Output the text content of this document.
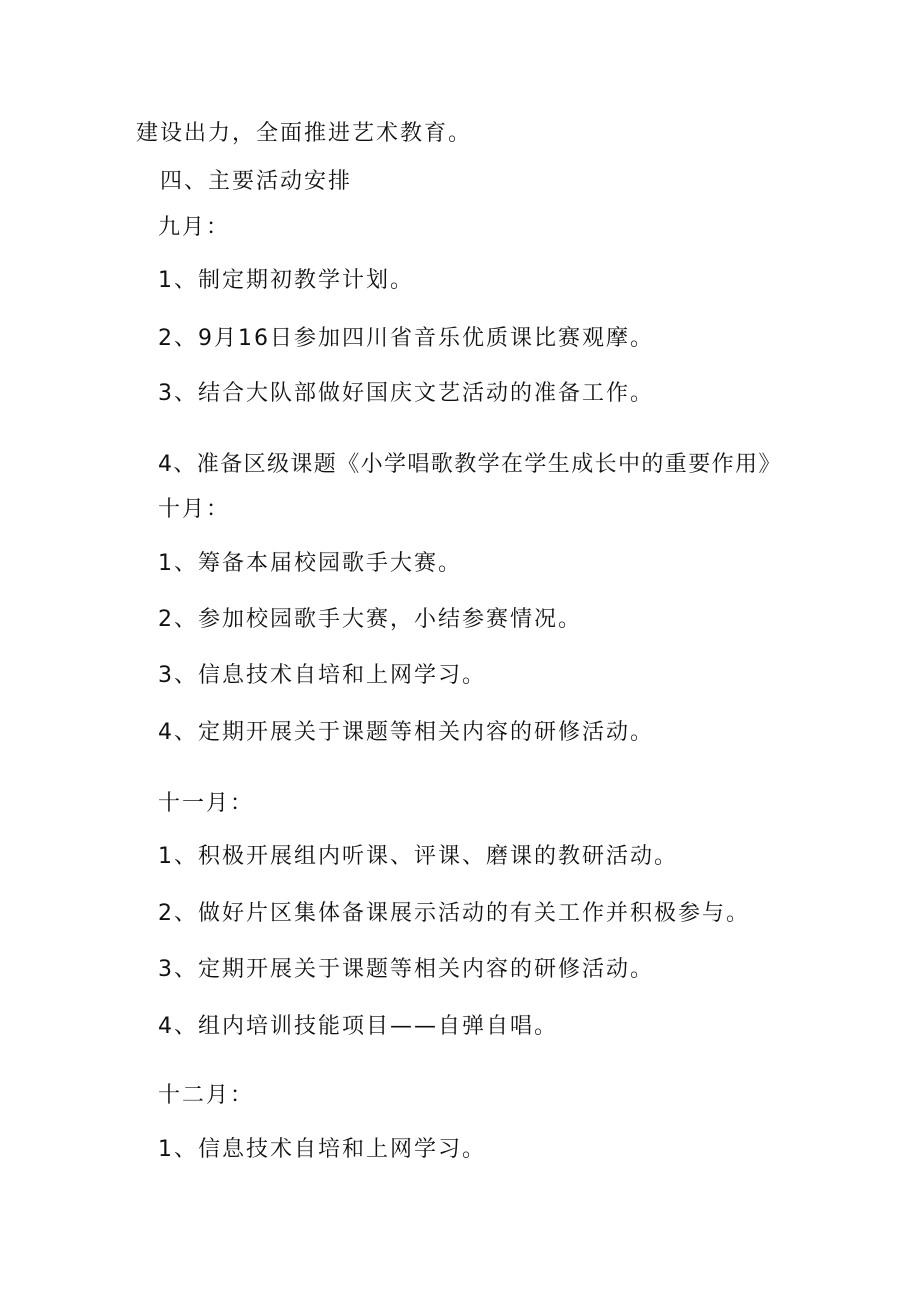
建设出力，全面推进艺术教育。
四、主要活动安排
九月：
1、制定期初教学计划。
2、9月16日参加四川省音乐优质课比赛观摩。
3、结合大队部做好国庆文艺活动的准备工作。
4、准备区级课题《小学唱歌教学在学生成长中的重要作用》
十月：
1、筹备本届校园歌手大赛。
2、参加校园歌手大赛，小结参赛情况。
3、信息技术自培和上网学习。
4、定期开展关于课题等相关内容的研修活动。
十一月：
1、积极开展组内听课、评课、磨课的教研活动。
2、做好片区集体备课展示活动的有关工作并积极参与。
3、定期开展关于课题等相关内容的研修活动。
4、组内培训技能项目——自弹自唱。
十二月：
1、信息技术自培和上网学习。
